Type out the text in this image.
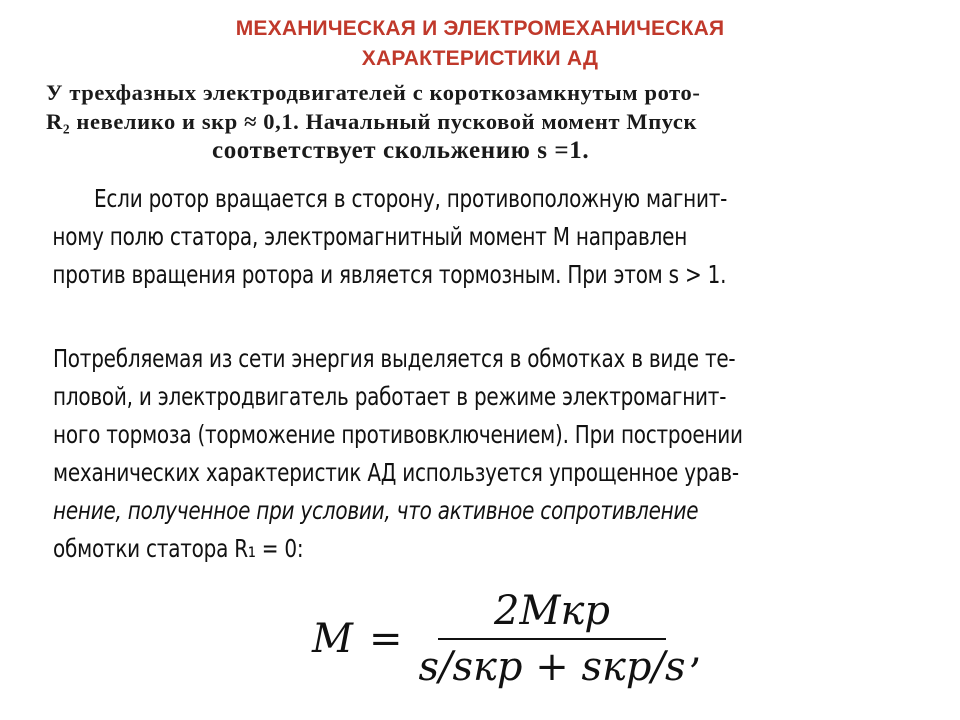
МЕХАНИЧЕСКАЯ И ЭЛЕКТРОМЕХАНИЧЕСКАЯ
ХАРАКТЕРИСТИКИ АД
У трехфазных электродвигателей с короткозамкнутым рото-
R₂ невелико и sкр ≈ 0,1. Начальный пусковой момент Mпуск
соответствует скольжению s =1.
Если ротор вращается в сторону, противоположную магнит-
ному полю статора, электромагнитный момент M направлен
против вращения ротора и является тормозным. При этом s > 1.
Потребляемая из сети энергия выделяется в обмотках в виде те-
пловой, и электродвигатель работает в режиме электромагнит-
ного тормоза (торможение противовключением). При построении
механических характеристик АД используется упрощенное урав-
нение, полученное при условии, что активное сопротивление
обмотки статора R₁ = 0:
$M = \frac{\text{2Mкр}}{\text{s/sкр + sкр/s}}$ ,
